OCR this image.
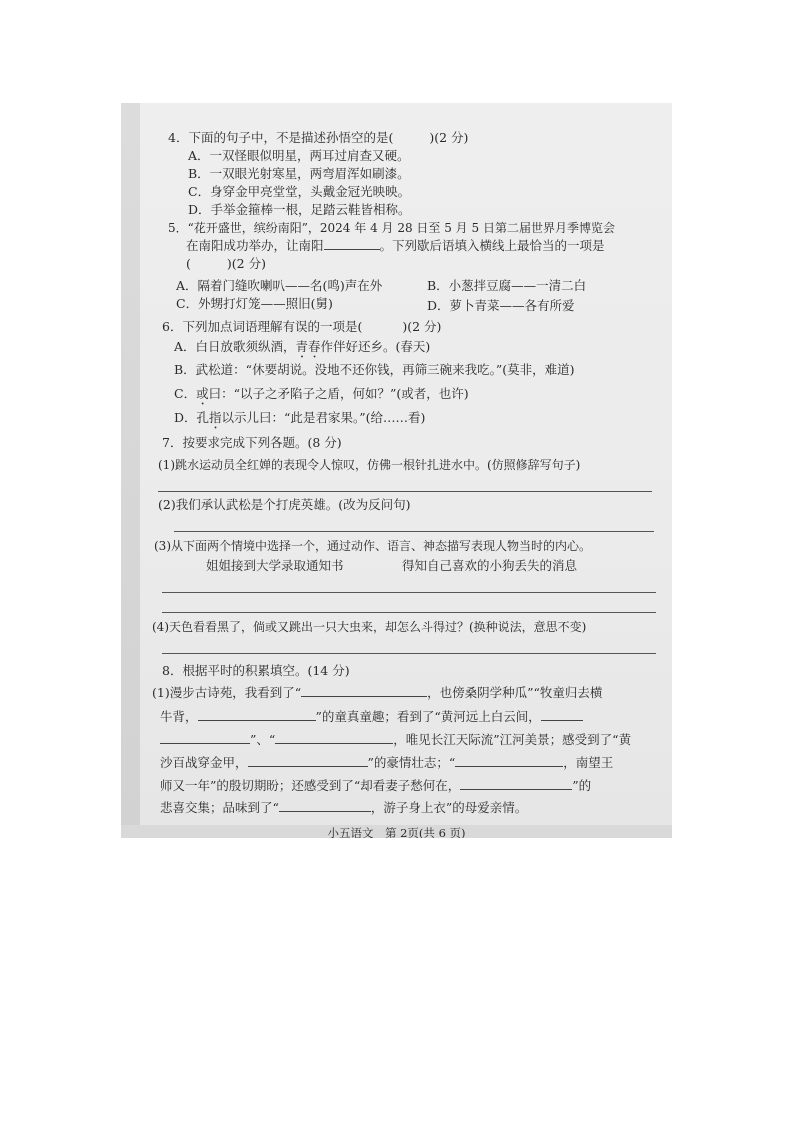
4．下面的句子中，不是描述孙悟空的是(	)(2 分)
A．一双怪眼似明星，两耳过肩查又硬。
B．一双眼光射寒星，两弯眉浑如刷漆。
C．身穿金甲亮堂堂，头戴金冠光映映。
D．手举金箍棒一根，足踏云鞋皆相称。
5．“花开盛世，缤纷南阳”，2024 年 4 月 28 日至 5 月 5 日第二届世界月季博览会
在南阳成功举办，让南阳	。下列歇后语填入横线上最恰当的一项是
(	)(2 分)
A．隔着门缝吹喇叭——名(鸣)声在外	B．小葱拌豆腐——一清二白
C．外甥打灯笼——照旧(舅)	D．萝卜青菜——各有所爱
6．下列加点词语理解有误的一项是(	)(2 分)
A．白日放歌须纵酒，青春作伴好还乡。(春天)
B．武松道：“休要胡说。没地不还你钱，再筛三碗来我吃。”(莫非，难道)
C．或曰：“以子之矛陷子之盾，何如？”(或者，也许)
D．孔指以示儿曰：“此是君家果。”(给……看)
7．按要求完成下列各题。(8 分)
(1)跳水运动员全红婵的表现令人惊叹，仿佛一根针扎进水中。(仿照修辞写句子)
(2)我们承认武松是个打虎英雄。(改为反问句)
(3)从下面两个情境中选择一个，通过动作、语言、神态描写表现人物当时的内心。
姐姐接到大学录取通知书	得知自己喜欢的小狗丢失的消息
(4)天色看看黑了，倘或又跳出一只大虫来，却怎么斗得过？(换种说法，意思不变)
8．根据平时的积累填空。(14 分)
(1)漫步古诗苑，我看到了“	，也傍桑阴学种瓜”“牧童归去横
牛背，	”的童真童趣；看到了“黄河远上白云间，
”、“	，唯见长江天际流”江河美景；感受到了“黄
沙百战穿金甲，	”的豪情壮志；“	，南望王
师又一年”的殷切期盼；还感受到了“却看妻子愁何在，	”的
悲喜交集；品味到了“	，游子身上衣”的母爱亲情。
小五语文　第 2页(共 6 页)
